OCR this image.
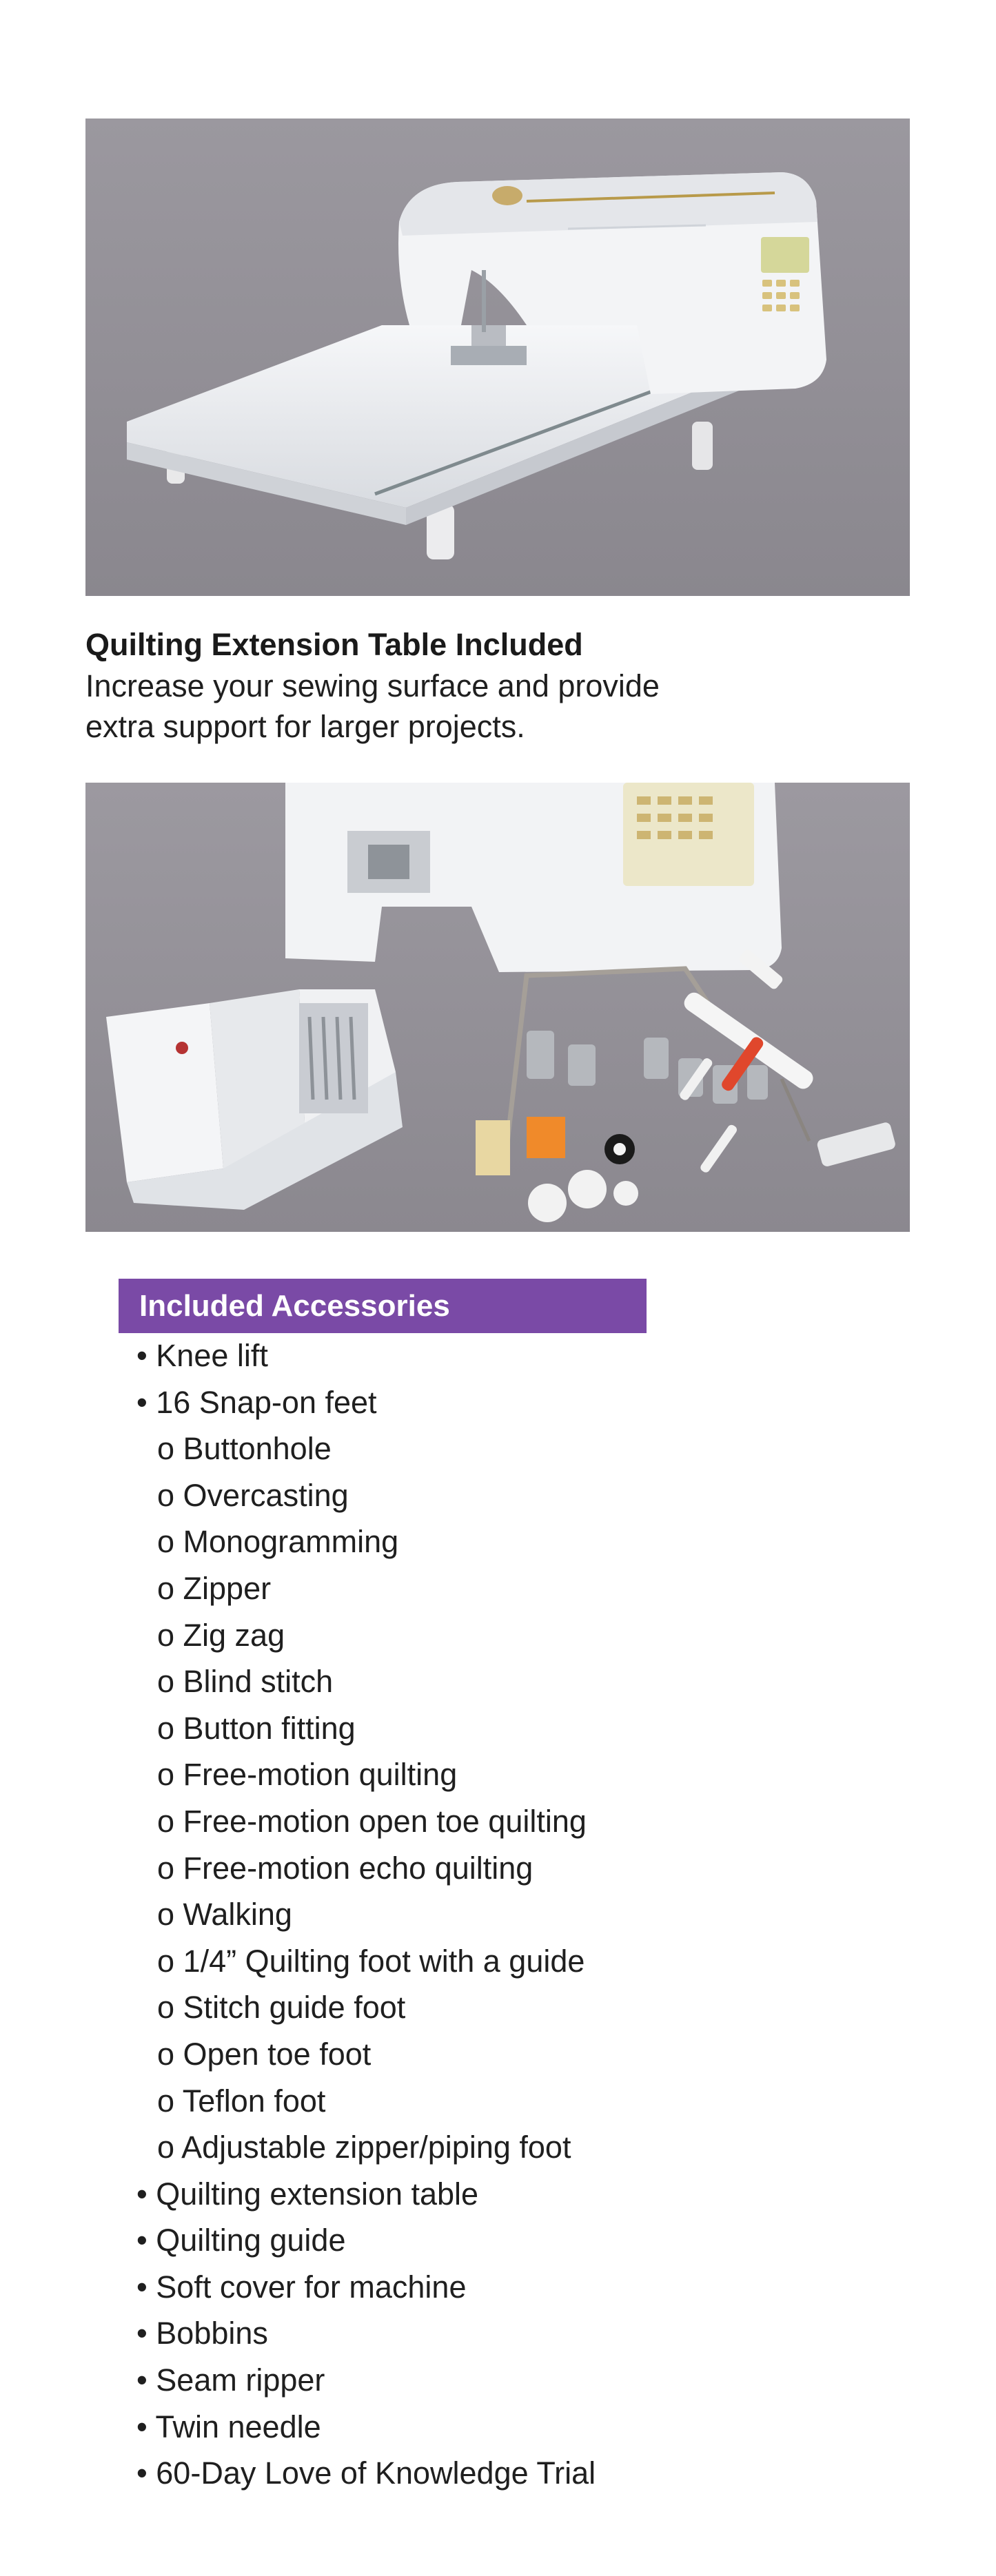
Quilting Extension Table Included
Increase your sewing surface and provide extra support for larger projects.
Included Accessories
• Knee lift
• 16 Snap-on feet
o Buttonhole
o Overcasting
o Monogramming
o Zipper
o Zig zag
o Blind stitch
o Button fitting
o Free-motion quilting
o Free-motion open toe quilting
o Free-motion echo quilting
o Walking
o 1/4” Quilting foot with a guide
o Stitch guide foot
o Open toe foot
o Teflon foot
o Adjustable zipper/piping foot
• Quilting extension table
• Quilting guide
• Soft cover for machine
• Bobbins
• Seam ripper
• Twin needle
• 60-Day Love of Knowledge Trial
